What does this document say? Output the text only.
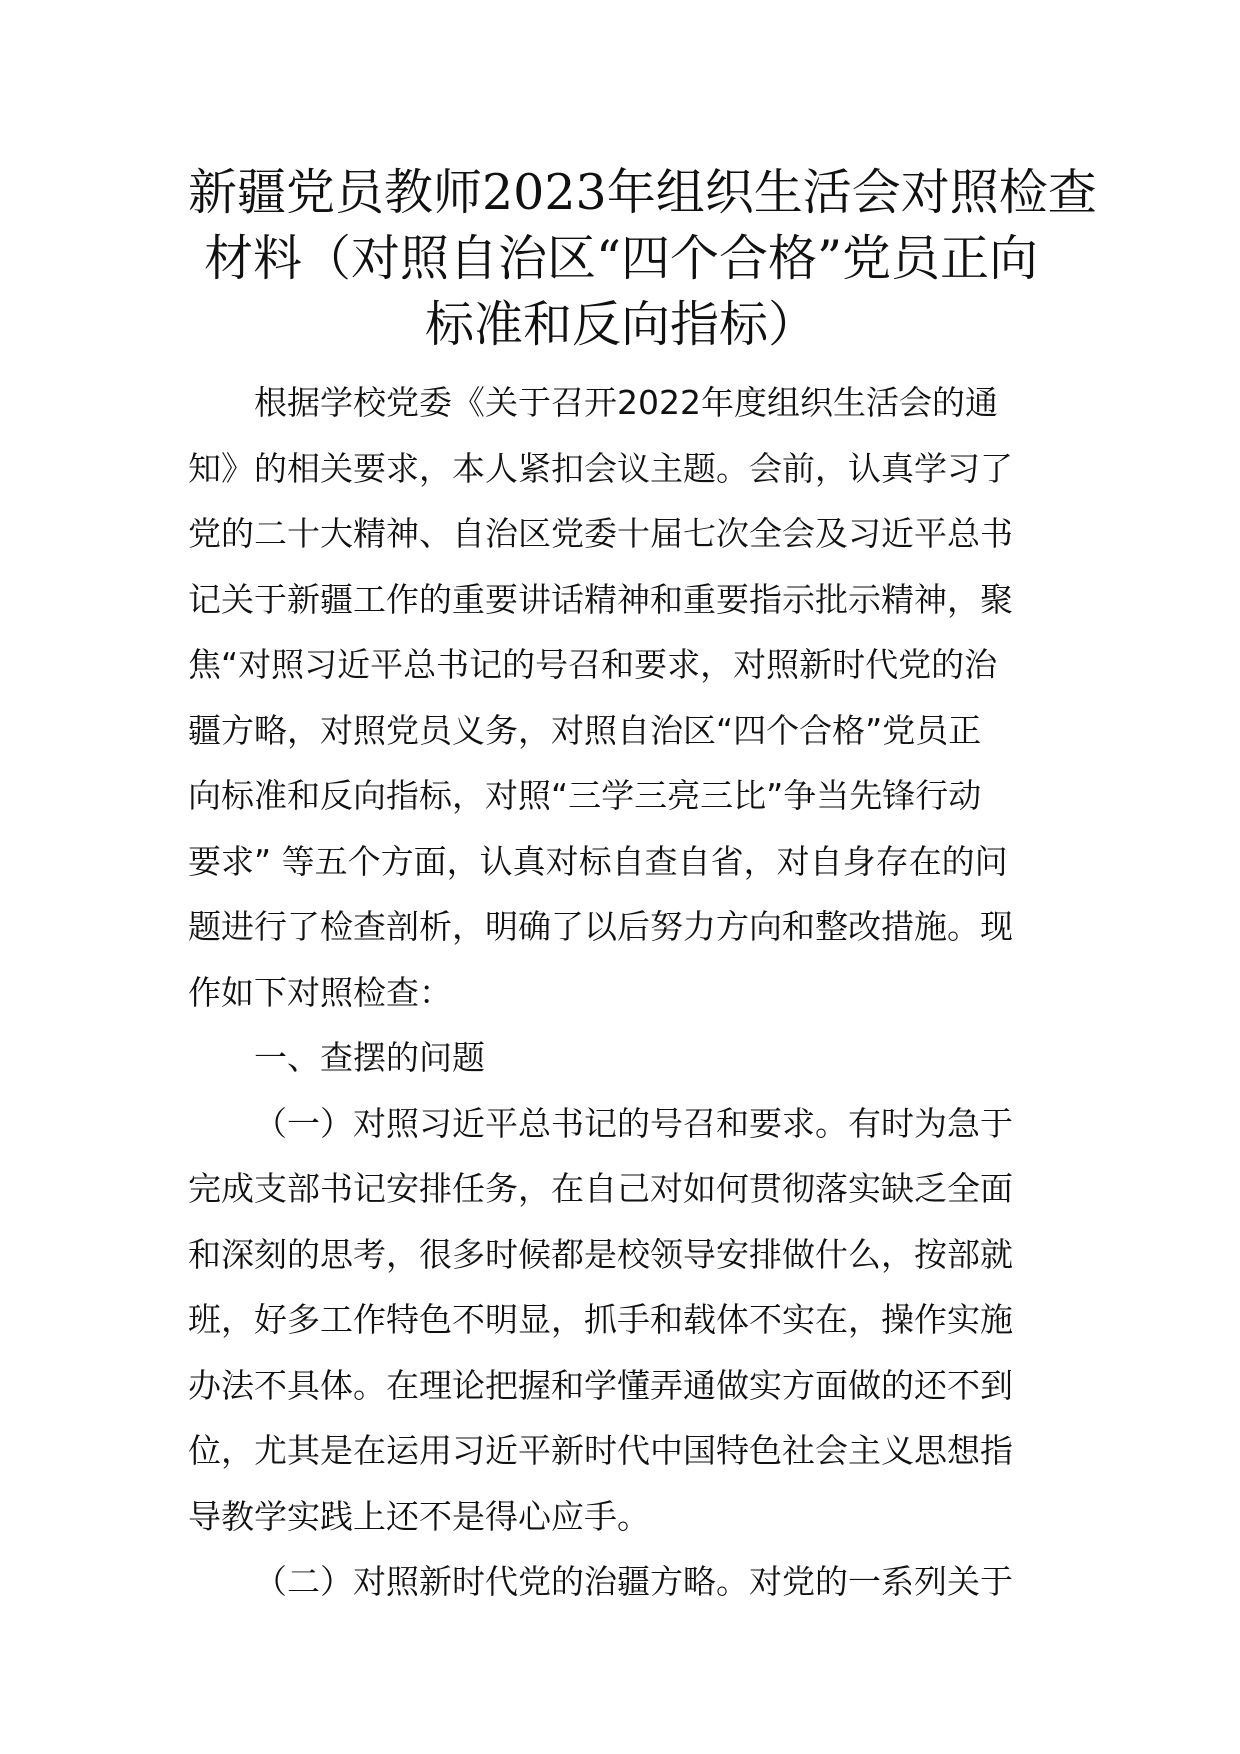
新疆党员教师2023年组织生活会对照检查
材料（对照自治区“四个合格”党员正向
标准和反向指标）

根据学校党委《关于召开2022年度组织生活会的通
知》的相关要求，本人紧扣会议主题。会前，认真学习了
党的二十大精神、自治区党委十届七次全会及习近平总书
记关于新疆工作的重要讲话精神和重要指示批示精神，聚
焦“对照习近平总书记的号召和要求，对照新时代党的治
疆方略，对照党员义务，对照自治区“四个合格”党员正
向标准和反向指标，对照“三学三亮三比”争当先锋行动
要求” 等五个方面，认真对标自查自省，对自身存在的问
题进行了检查剖析，明确了以后努力方向和整改措施。现
作如下对照检查：

一、查摆的问题

（一）对照习近平总书记的号召和要求。有时为急于
完成支部书记安排任务，在自己对如何贯彻落实缺乏全面
和深刻的思考，很多时候都是校领导安排做什么，按部就
班，好多工作特色不明显，抓手和载体不实在，操作实施
办法不具体。在理论把握和学懂弄通做实方面做的还不到
位，尤其是在运用习近平新时代中国特色社会主义思想指
导教学实践上还不是得心应手。

（二）对照新时代党的治疆方略。对党的一系列关于
